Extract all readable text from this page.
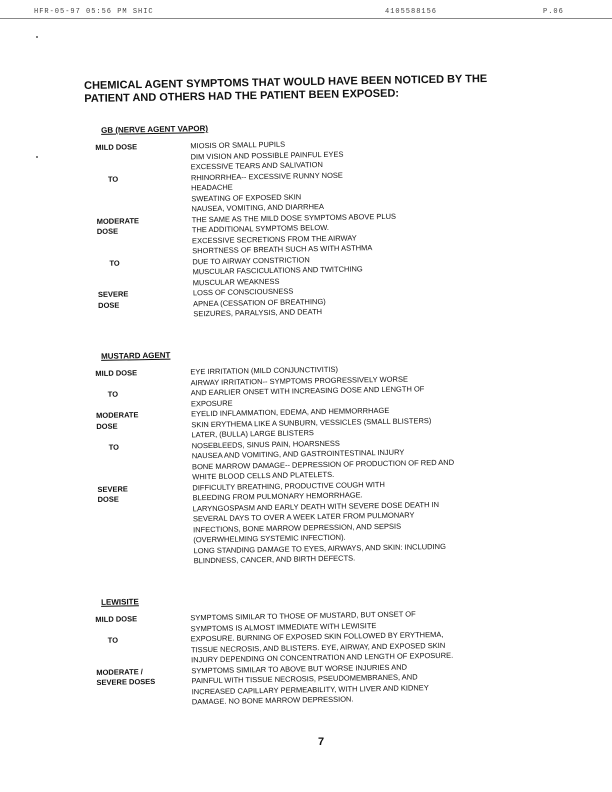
HFR-05-97 05:56 PM SHIC	4105588156	P.06
CHEMICAL AGENT SYMPTOMS THAT WOULD HAVE BEEN NOTICED BY THE PATIENT AND OTHERS HAD THE PATIENT BEEN EXPOSED:
GB (NERVE AGENT VAPOR)
MILD DOSE
TO
MODERATE
DOSE
TO
SEVERE
DOSE
MIOSIS OR SMALL PUPILS
DIM VISION AND POSSIBLE PAINFUL EYES
EXCESSIVE TEARS AND SALIVATION
RHINORRHEA-- EXCESSIVE RUNNY NOSE
HEADACHE
SWEATING OF EXPOSED SKIN
NAUSEA, VOMITING, AND DIARRHEA
THE SAME AS THE MILD DOSE SYMPTOMS ABOVE PLUS
THE ADDITIONAL SYMPTOMS BELOW.
EXCESSIVE SECRETIONS FROM THE AIRWAY
SHORTNESS OF BREATH SUCH AS WITH ASTHMA
DUE TO AIRWAY CONSTRICTION
MUSCULAR FASCICULATIONS AND TWITCHING
MUSCULAR WEAKNESS
LOSS OF CONSCIOUSNESS
APNEA (CESSATION OF BREATHING)
SEIZURES, PARALYSIS, AND DEATH
MUSTARD AGENT
MILD DOSE
TO
MODERATE
DOSE
TO
SEVERE
DOSE
EYE IRRITATION (MILD CONJUNCTIVITIS)
AIRWAY IRRITATION-- SYMPTOMS PROGRESSIVELY WORSE
AND EARLIER ONSET WITH INCREASING DOSE AND LENGTH OF
EXPOSURE
EYELID INFLAMMATION, EDEMA, AND HEMMORRHAGE
SKIN ERYTHEMA LIKE A SUNBURN, VESSICLES (SMALL BLISTERS)
LATER, (BULLA) LARGE BLISTERS
NOSEBLEEDS, SINUS PAIN, HOARSNESS
NAUSEA AND VOMITING, AND GASTROINTESTINAL INJURY
BONE MARROW DAMAGE-- DEPRESSION OF PRODUCTION OF RED AND
WHITE BLOOD CELLS AND PLATELETS.
DIFFICULTY BREATHING, PRODUCTIVE COUGH WITH
BLEEDING FROM PULMONARY HEMORRHAGE.
LARYNGOSPASM AND EARLY DEATH WITH SEVERE DOSE DEATH IN
SEVERAL DAYS TO OVER A WEEK LATER FROM PULMONARY
INFECTIONS, BONE MARROW DEPRESSION, AND SEPSIS
(OVERWHELMING SYSTEMIC INFECTION).
LONG STANDING DAMAGE TO EYES, AIRWAYS, AND SKIN: INCLUDING
BLINDNESS, CANCER, AND BIRTH DEFECTS.
LEWISITE
MILD DOSE
TO
MODERATE /
SEVERE DOSES
SYMPTOMS SIMILAR TO THOSE OF MUSTARD, BUT ONSET OF
SYMPTOMS IS ALMOST IMMEDIATE WITH LEWISITE
EXPOSURE. BURNING OF EXPOSED SKIN FOLLOWED BY ERYTHEMA,
TISSUE NECROSIS, AND BLISTERS. EYE, AIRWAY, AND EXPOSED SKIN
INJURY DEPENDING ON CONCENTRATION AND LENGTH OF EXPOSURE.
SYMPTOMS SIMILAR TO ABOVE BUT WORSE INJURIES AND
PAINFUL WITH TISSUE NECROSIS, PSEUDOMEMBRANES, AND
INCREASED CAPILLARY PERMEABILITY, WITH LIVER AND KIDNEY
DAMAGE. NO BONE MARROW DEPRESSION.
7
